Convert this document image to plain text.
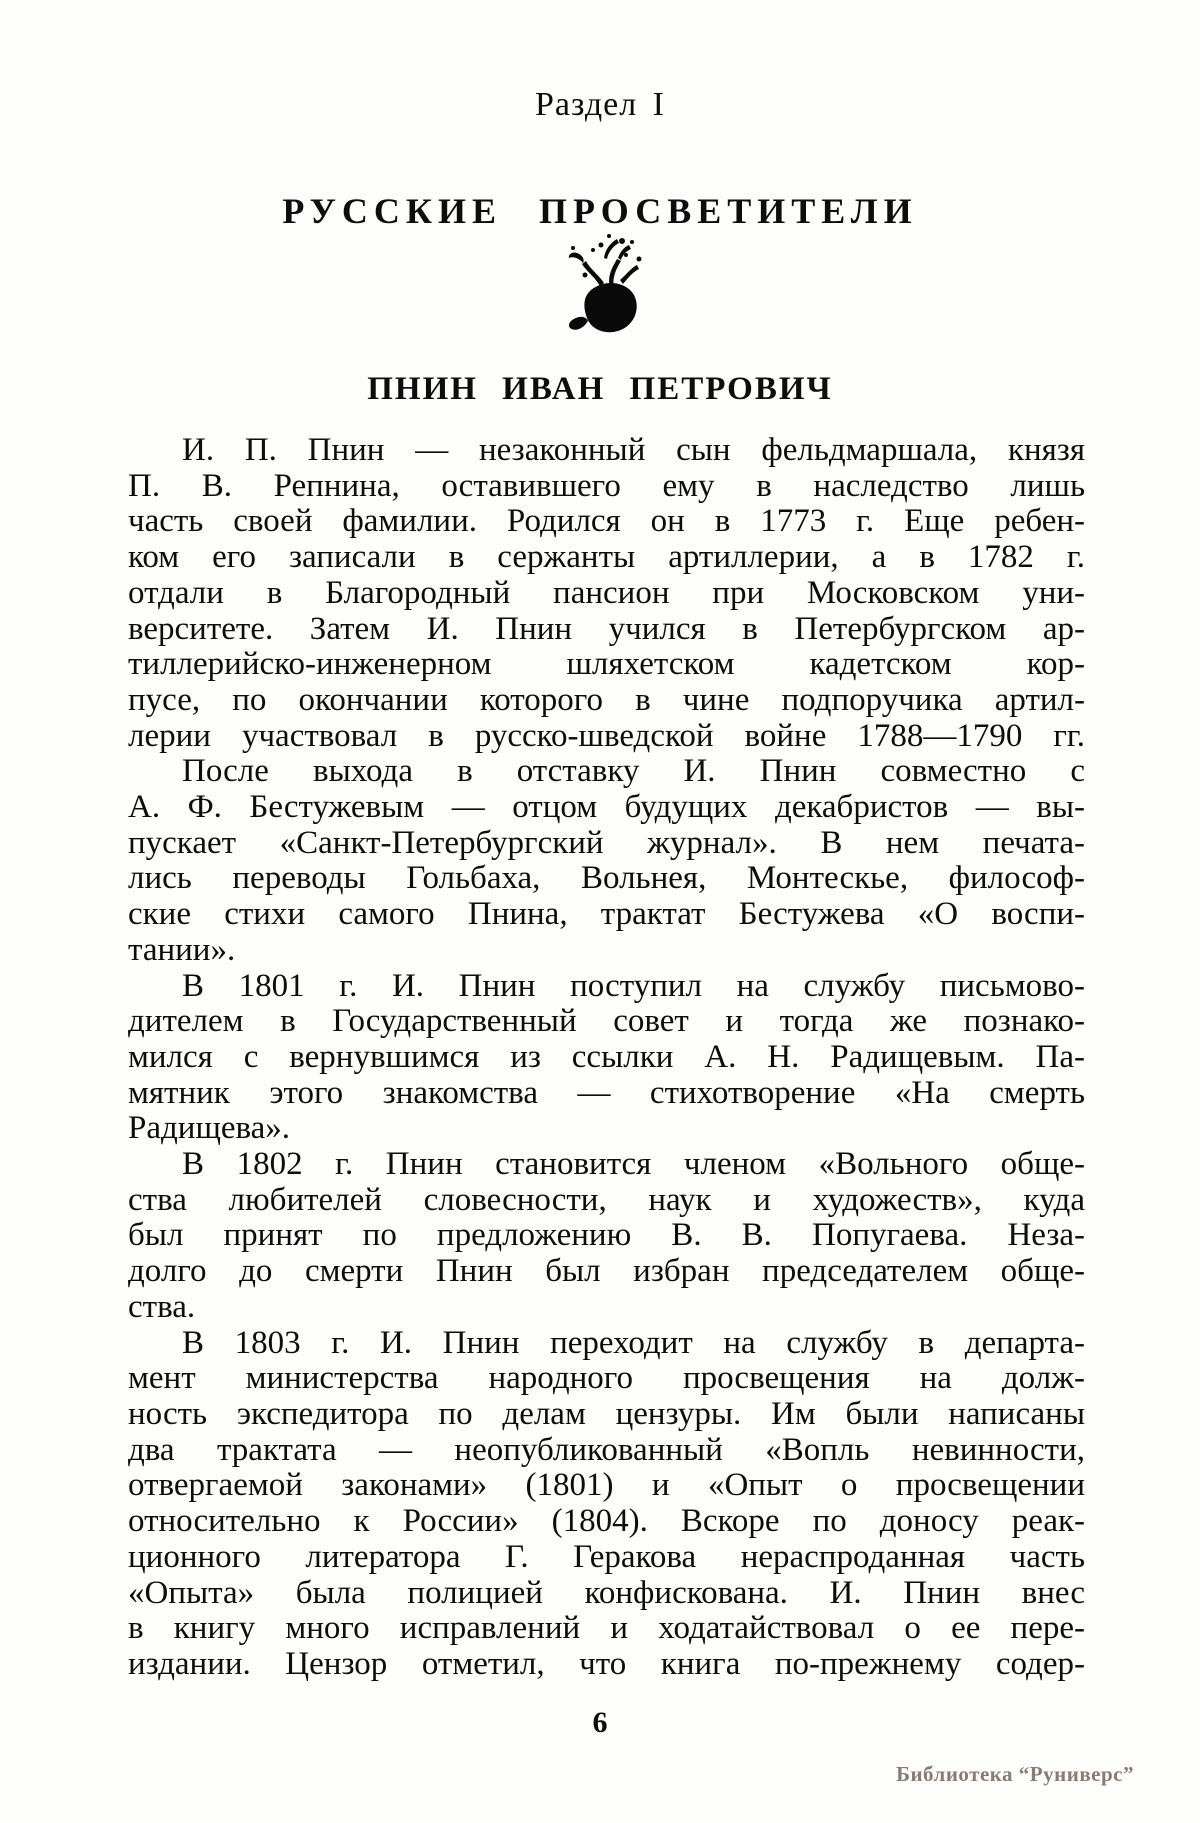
Раздел I
РУССКИЕ ПРОСВЕТИТЕЛИ
ПНИН ИВАН ПЕТРОВИЧ
И. П. Пнин — незаконный сын фельдмаршала, князя
П. В. Репнина, оставившего ему в наследство лишь
часть своей фамилии. Родился он в 1773 г. Еще ребен-
ком его записали в сержанты артиллерии, а в 1782 г.
отдали в Благородный пансион при Московском уни-
верситете. Затем И. Пнин учился в Петербургском ар-
тиллерийско-инженерном шляхетском кадетском кор-
пусе, по окончании которого в чине подпоручика артил-
лерии участвовал в русско-шведской войне 1788—1790 гг.
После выхода в отставку И. Пнин совместно с
А. Ф. Бестужевым — отцом будущих декабристов — вы-
пускает «Санкт-Петербургский журнал». В нем печата-
лись переводы Гольбаха, Вольнея, Монтескье, философ-
ские стихи самого Пнина, трактат Бестужева «О воспи-
тании».
В 1801 г. И. Пнин поступил на службу письмово-
дителем в Государственный совет и тогда же познако-
мился с вернувшимся из ссылки А. Н. Радищевым. Па-
мятник этого знакомства — стихотворение «На смерть
Радищева».
В 1802 г. Пнин становится членом «Вольного обще-
ства любителей словесности, наук и художеств», куда
был принят по предложению В. В. Попугаева. Неза-
долго до смерти Пнин был избран председателем обще-
ства.
В 1803 г. И. Пнин переходит на службу в департа-
мент министерства народного просвещения на долж-
ность экспедитора по делам цензуры. Им были написаны
два трактата — неопубликованный «Вопль невинности,
отвергаемой законами» (1801) и «Опыт о просвещении
относительно к России» (1804). Вскоре по доносу реак-
ционного литератора Г. Геракова нераспроданная часть
«Опыта» была полицией конфискована. И. Пнин внес
в книгу много исправлений и ходатайствовал о ее пере-
издании. Цензор отметил, что книга по-прежнему содер-
6
Библиотека “Руниверс”
